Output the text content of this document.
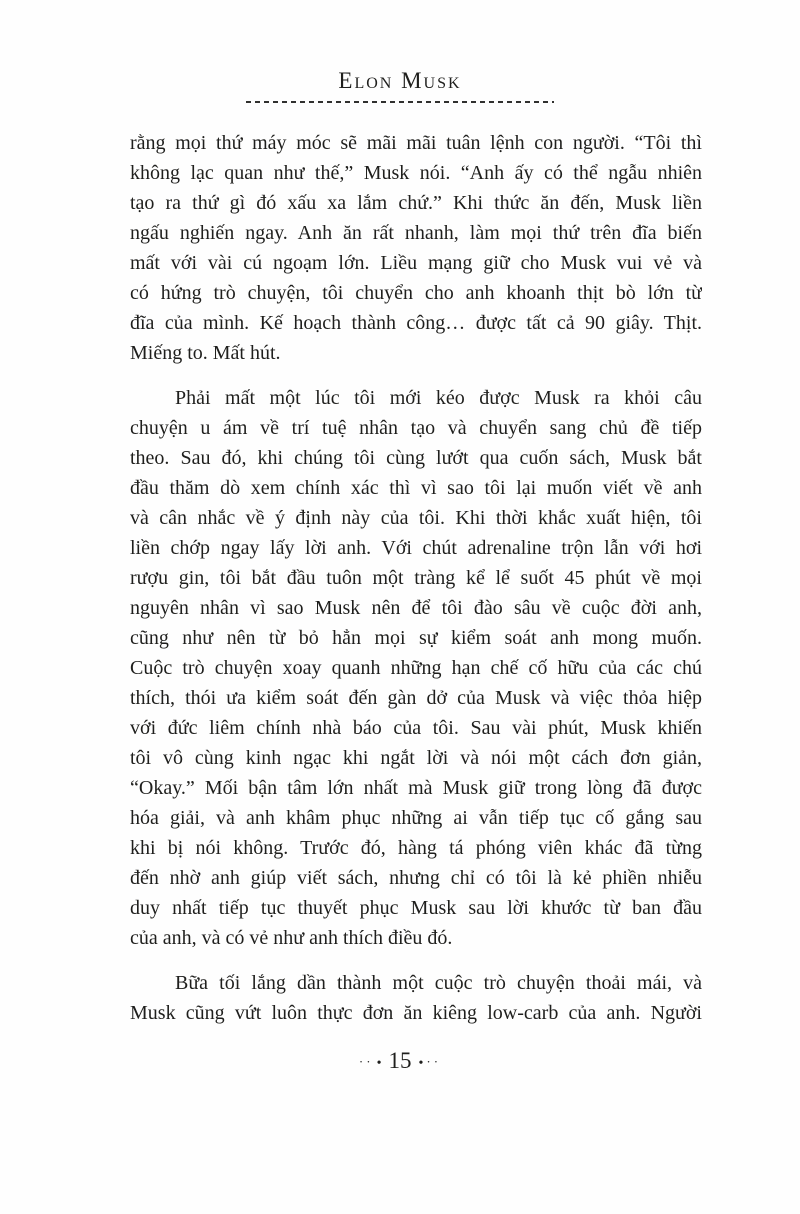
Elon Musk
rằng mọi thứ máy móc sẽ mãi mãi tuân lệnh con người. “Tôi thì
không lạc quan như thế,” Musk nói. “Anh ấy có thể ngẫu nhiên
tạo ra thứ gì đó xấu xa lắm chứ.” Khi thức ăn đến, Musk liền
ngấu nghiến ngay. Anh ăn rất nhanh, làm mọi thứ trên đĩa biến
mất với vài cú ngoạm lớn. Liều mạng giữ cho Musk vui vẻ và
có hứng trò chuyện, tôi chuyển cho anh khoanh thịt bò lớn từ
đĩa của mình. Kế hoạch thành công… được tất cả 90 giây. Thịt.
Miếng to. Mất hút.
Phải mất một lúc tôi mới kéo được Musk ra khỏi câu
chuyện u ám về trí tuệ nhân tạo và chuyển sang chủ đề tiếp
theo. Sau đó, khi chúng tôi cùng lướt qua cuốn sách, Musk bắt
đầu thăm dò xem chính xác thì vì sao tôi lại muốn viết về anh
và cân nhắc về ý định này của tôi. Khi thời khắc xuất hiện, tôi
liền chớp ngay lấy lời anh. Với chút adrenaline trộn lẫn với hơi
rượu gin, tôi bắt đầu tuôn một tràng kể lể suốt 45 phút về mọi
nguyên nhân vì sao Musk nên để tôi đào sâu về cuộc đời anh,
cũng như nên từ bỏ hẳn mọi sự kiểm soát anh mong muốn.
Cuộc trò chuyện xoay quanh những hạn chế cố hữu của các chú
thích, thói ưa kiểm soát đến gàn dở của Musk và việc thỏa hiệp
với đức liêm chính nhà báo của tôi. Sau vài phút, Musk khiến
tôi vô cùng kinh ngạc khi ngắt lời và nói một cách đơn giản,
“Okay.” Mối bận tâm lớn nhất mà Musk giữ trong lòng đã được
hóa giải, và anh khâm phục những ai vẫn tiếp tục cố gắng sau
khi bị nói không. Trước đó, hàng tá phóng viên khác đã từng
đến nhờ anh giúp viết sách, nhưng chỉ có tôi là kẻ phiền nhiễu
duy nhất tiếp tục thuyết phục Musk sau lời khước từ ban đầu
của anh, và có vẻ như anh thích điều đó.
Bữa tối lắng dần thành một cuộc trò chuyện thoải mái, và
Musk cũng vứt luôn thực đơn ăn kiêng low-carb của anh. Người
·· • 15 • ··
